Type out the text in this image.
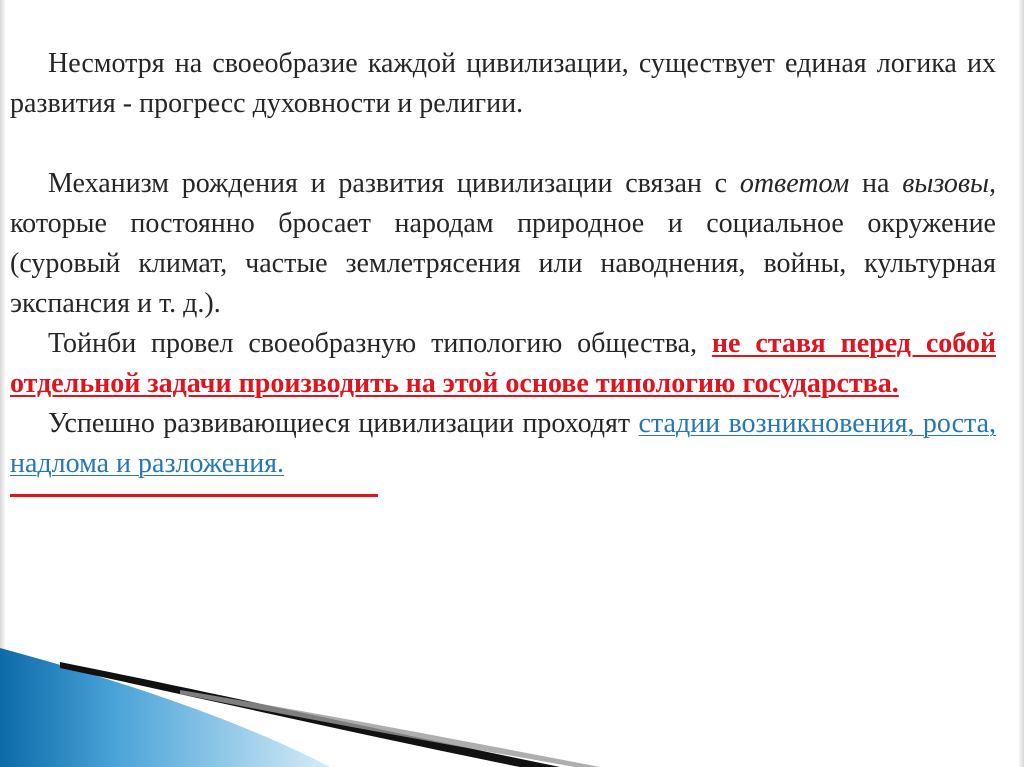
Несмотря на своеобразие каждой цивилизации, существует единая логика их развития - прогресс духовности и религии.

Механизм рождения и развития цивилизации связан с ответом на вызовы, которые постоянно бросает народам природное и социальное окружение (суровый климат, частые землетрясения или наводнения, войны, культурная экспансия и т. д.).

Тойнби провел своеобразную типологию общества, не ставя перед собой отдельной задачи производить на этой основе типологию государства.

Успешно развивающиеся цивилизации проходят стадии возникновения, роста, надлома и разложения.
